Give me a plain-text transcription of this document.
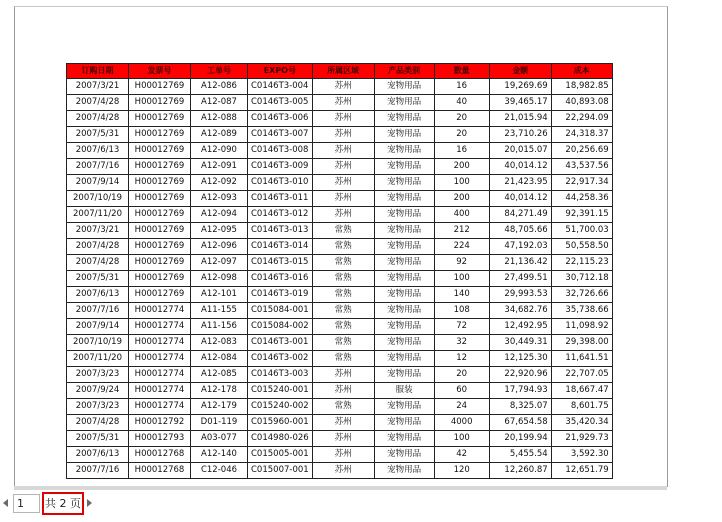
订购日期	发票号	工单号	EXPO号	所属区域	产品类别	数量	金额	成本
2007/3/21	H00012769	A12-086	C0146T3-004	苏州	宠物用品	16	19,269.69	18,982.85
2007/4/28	H00012769	A12-087	C0146T3-005	苏州	宠物用品	40	39,465.17	40,893.08
2007/4/28	H00012769	A12-088	C0146T3-006	苏州	宠物用品	20	21,015.94	22,294.09
2007/5/31	H00012769	A12-089	C0146T3-007	苏州	宠物用品	20	23,710.26	24,318.37
2007/6/13	H00012769	A12-090	C0146T3-008	苏州	宠物用品	16	20,015.07	20,256.69
2007/7/16	H00012769	A12-091	C0146T3-009	苏州	宠物用品	200	40,014.12	43,537.56
2007/9/14	H00012769	A12-092	C0146T3-010	苏州	宠物用品	100	21,423.95	22,917.34
2007/10/19	H00012769	A12-093	C0146T3-011	苏州	宠物用品	200	40,014.12	44,258.36
2007/11/20	H00012769	A12-094	C0146T3-012	苏州	宠物用品	400	84,271.49	92,391.15
2007/3/21	H00012769	A12-095	C0146T3-013	常熟	宠物用品	212	48,705.66	51,700.03
2007/4/28	H00012769	A12-096	C0146T3-014	常熟	宠物用品	224	47,192.03	50,558.50
2007/4/28	H00012769	A12-097	C0146T3-015	常熟	宠物用品	92	21,136.42	22,115.23
2007/5/31	H00012769	A12-098	C0146T3-016	常熟	宠物用品	100	27,499.51	30,712.18
2007/6/13	H00012769	A12-101	C0146T3-019	常熟	宠物用品	140	29,993.53	32,726.66
2007/7/16	H00012774	A11-155	C015084-001	常熟	宠物用品	108	34,682.76	35,738.66
2007/9/14	H00012774	A11-156	C015084-002	常熟	宠物用品	72	12,492.95	11,098.92
2007/10/19	H00012774	A12-083	C0146T3-001	常熟	宠物用品	32	30,449.31	29,398.00
2007/11/20	H00012774	A12-084	C0146T3-002	常熟	宠物用品	12	12,125.30	11,641.51
2007/3/23	H00012774	A12-085	C0146T3-003	苏州	宠物用品	20	22,920.96	22,707.05
2007/9/24	H00012774	A12-178	C015240-001	苏州	服装	60	17,794.93	18,667.47
2007/3/23	H00012774	A12-179	C015240-002	常熟	宠物用品	24	8,325.07	8,601.75
2007/4/28	H00012792	D01-119	C015960-001	苏州	宠物用品	4000	67,654.58	35,420.34
2007/5/31	H00012793	A03-077	C014980-026	苏州	宠物用品	100	20,199.94	21,929.73
2007/6/13	H00012768	A12-140	C015005-001	苏州	宠物用品	42	5,455.54	3,592.30
2007/7/16	H00012768	C12-046	C015007-001	苏州	宠物用品	120	12,260.87	12,651.79
1	共 2 页
